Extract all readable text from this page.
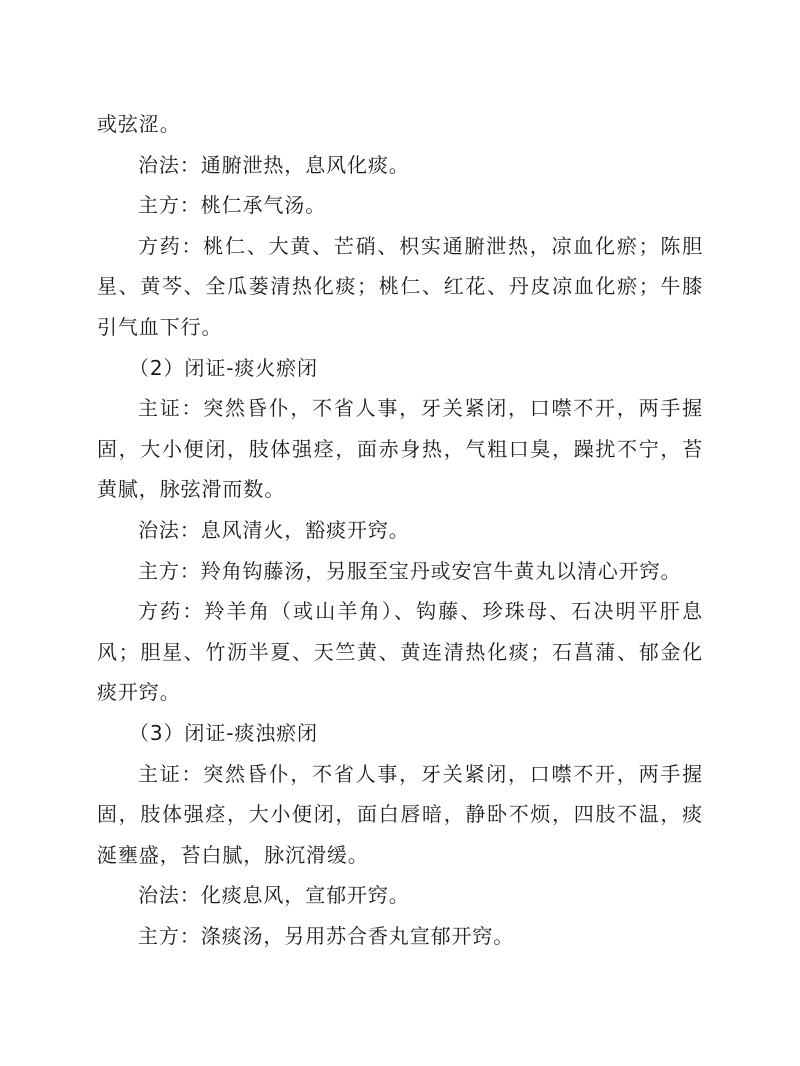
或弦涩。

治法：通腑泄热，息风化痰。

主方：桃仁承气汤。

方药：桃仁、大黄、芒硝、枳实通腑泄热，凉血化瘀；陈胆星、黄芩、全瓜蒌清热化痰；桃仁、红花、丹皮凉血化瘀；牛膝引气血下行。

（2）闭证-痰火瘀闭

主证：突然昏仆，不省人事，牙关紧闭，口噤不开，两手握固，大小便闭，肢体强痉，面赤身热，气粗口臭，躁扰不宁，苔黄腻，脉弦滑而数。

治法：息风清火，豁痰开窍。

主方：羚角钩藤汤，另服至宝丹或安宫牛黄丸以清心开窍。

方药：羚羊角（或山羊角）、钩藤、珍珠母、石决明平肝息风；胆星、竹沥半夏、天竺黄、黄连清热化痰；石菖蒲、郁金化痰开窍。

（3）闭证-痰浊瘀闭

主证：突然昏仆，不省人事，牙关紧闭，口噤不开，两手握固，肢体强痉，大小便闭，面白唇暗，静卧不烦，四肢不温，痰涎壅盛，苔白腻，脉沉滑缓。

治法：化痰息风，宣郁开窍。

主方：涤痰汤，另用苏合香丸宣郁开窍。
